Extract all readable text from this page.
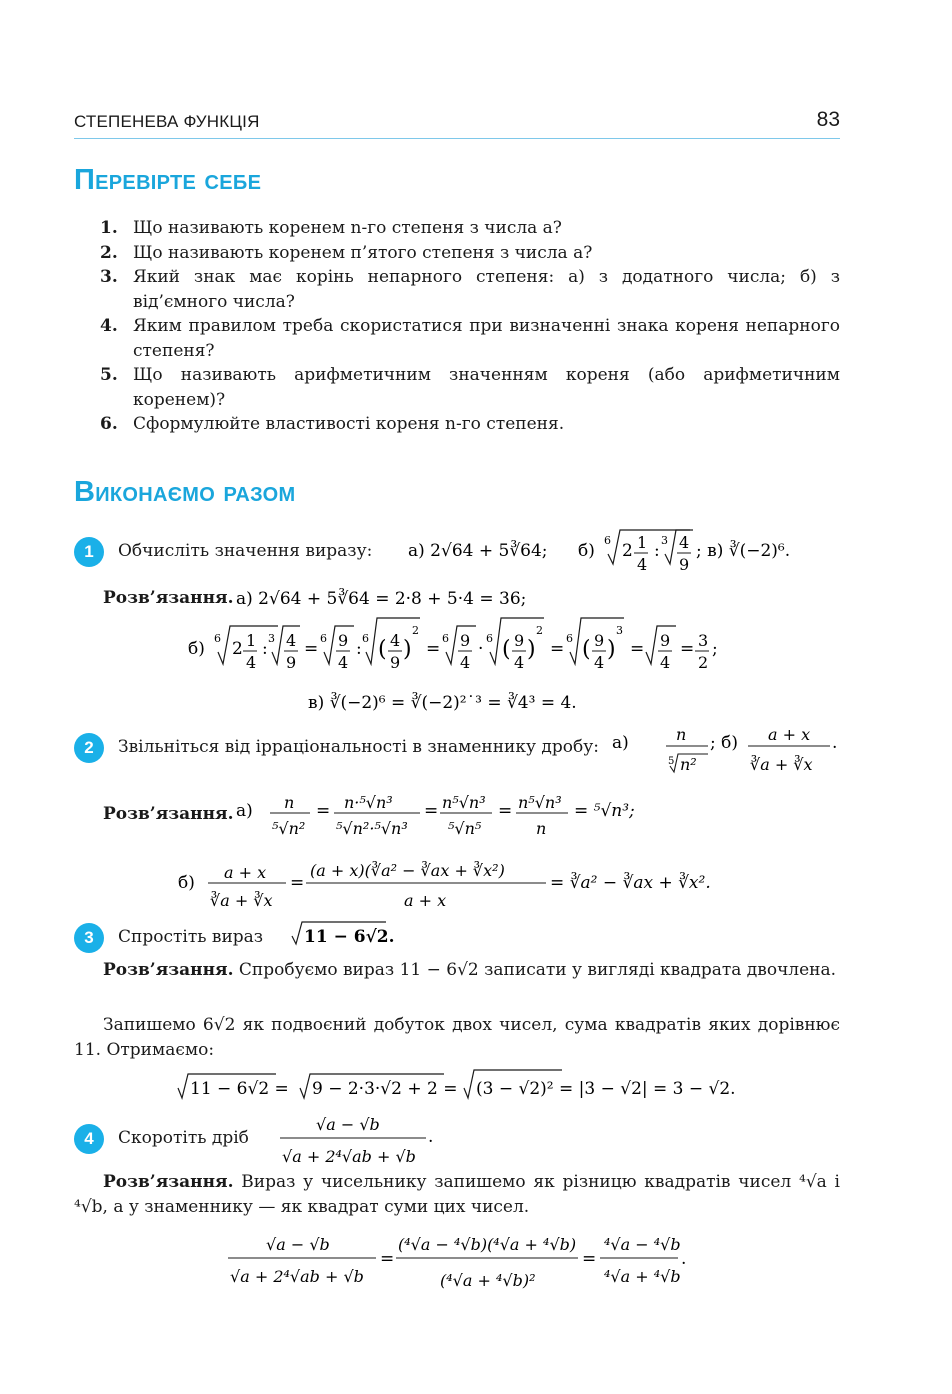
СТЕПЕНЕВА ФУНКЦІЯ	83
Перевірте себе
1. Що називають коренем n-го степеня з числа a?
2. Що називають коренем п’ятого степеня з числа a?
3. Який знак має корінь непарного степеня: а) з додатного числа; б) з від’ємного числа?
4. Яким правилом треба скористатися при визначенні знака кореня непарного степеня?
5. Що називають арифметичним значенням кореня (або арифметичним коренем)?
6. Сформулюйте властивості кореня n-го степеня.
Виконаємо разом
1	Обчисліть значення виразу: а) 2√64 + 5∛64; б)
6
2 1
4
:
3 4
9
; в) ∛(−2)⁶.
Розв’язання. а) 2√64 + 5∛64 = 2·8 + 5·4 = 36;
б)
6
2 1
4
:
3 4
9
=
6 9
4
:
6 ( 4
9
)
2
=
6 9
4
·
6 ( 9
4
)
2
=
6 ( 9
4
)
3
= 9
4
= 3
2
;
в) ∛(−2)⁶ = ∛(−2)²˙³ = ∛4³ = 4.
2	Звільніться від ірраціональності в знаменнику дробу: а)	n
5 n²
; б) a + x
∛a + ∛x
.
Розв’язання. а) n
⁵√n²
= n·⁵√n³
⁵√n²·⁵√n³
= n⁵√n³
⁵√n⁵
= n⁵√n³
n
= ⁵√n³;
б)
a + x
∛a + ∛x
=
(a + x)(∛a² − ∛ax + ∛x²)
a + x
= ∛a² − ∛ax + ∛x².
3	Спростіть вираз 11 − 6√2.
Розв’язання. Спробуємо вираз 11 − 6√2 записати у вигляді квадрата двочлена.
Запишемо 6√2 як подвоєний добуток двох чисел, сума квадратів яких дорівнює 11. Отримаємо:
11 − 6√2 = 9 − 2·3·√2 + 2 = (3 − √2)² = |3 − √2| = 3 − √2.
4	Скоротіть дріб
√a − √b
√a + 2⁴√ab + √b
.
Розв’язання. Вираз у чисельнику запишемо як різницю квадратів чисел ⁴√a і ⁴√b, а у знаменнику — як квадрат суми цих чисел.
√a − √b
√a + 2⁴√ab + √b
=
(⁴√a − ⁴√b)(⁴√a + ⁴√b)
(⁴√a + ⁴√b)²
=
⁴√a − ⁴√b
⁴√a + ⁴√b
.
